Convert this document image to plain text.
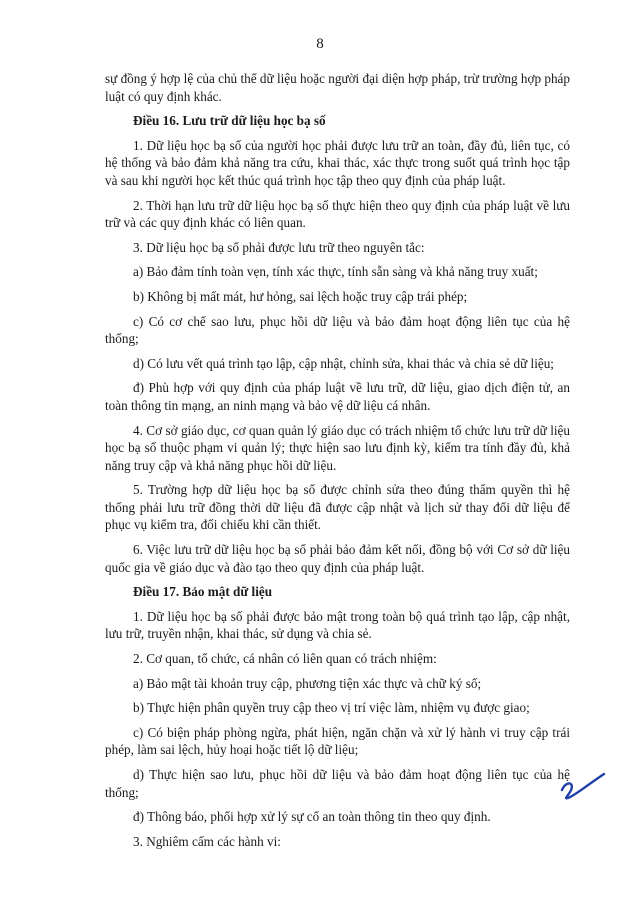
8

sự đồng ý hợp lệ của chủ thể dữ liệu hoặc người đại diện hợp pháp, trừ trường hợp pháp luật có quy định khác.

Điều 16. Lưu trữ dữ liệu học bạ số

1. Dữ liệu học bạ số của người học phải được lưu trữ an toàn, đầy đủ, liên tục, có hệ thống và bảo đảm khả năng tra cứu, khai thác, xác thực trong suốt quá trình học tập và sau khi người học kết thúc quá trình học tập theo quy định của pháp luật.

2. Thời hạn lưu trữ dữ liệu học bạ số thực hiện theo quy định của pháp luật về lưu trữ và các quy định khác có liên quan.

3. Dữ liệu học bạ số phải được lưu trữ theo nguyên tắc:

a) Bảo đảm tính toàn vẹn, tính xác thực, tính sẵn sàng và khả năng truy xuất;

b) Không bị mất mát, hư hỏng, sai lệch hoặc truy cập trái phép;

c) Có cơ chế sao lưu, phục hồi dữ liệu và bảo đảm hoạt động liên tục của hệ thống;

d) Có lưu vết quá trình tạo lập, cập nhật, chỉnh sửa, khai thác và chia sẻ dữ liệu;

đ) Phù hợp với quy định của pháp luật về lưu trữ, dữ liệu, giao dịch điện tử, an toàn thông tin mạng, an ninh mạng và bảo vệ dữ liệu cá nhân.

4. Cơ sở giáo dục, cơ quan quản lý giáo dục có trách nhiệm tổ chức lưu trữ dữ liệu học bạ số thuộc phạm vi quản lý; thực hiện sao lưu định kỳ, kiểm tra tính đầy đủ, khả năng truy cập và khả năng phục hồi dữ liệu.

5. Trường hợp dữ liệu học bạ số được chỉnh sửa theo đúng thẩm quyền thì hệ thống phải lưu trữ đồng thời dữ liệu đã được cập nhật và lịch sử thay đổi dữ liệu để phục vụ kiểm tra, đối chiếu khi cần thiết.

6. Việc lưu trữ dữ liệu học bạ số phải bảo đảm kết nối, đồng bộ với Cơ sở dữ liệu quốc gia về giáo dục và đào tạo theo quy định của pháp luật.

Điều 17. Bảo mật dữ liệu

1. Dữ liệu học bạ số phải được bảo mật trong toàn bộ quá trình tạo lập, cập nhật, lưu trữ, truyền nhận, khai thác, sử dụng và chia sẻ.

2. Cơ quan, tổ chức, cá nhân có liên quan có trách nhiệm:

a) Bảo mật tài khoản truy cập, phương tiện xác thực và chữ ký số;

b) Thực hiện phân quyền truy cập theo vị trí việc làm, nhiệm vụ được giao;

c) Có biện pháp phòng ngừa, phát hiện, ngăn chặn và xử lý hành vi truy cập trái phép, làm sai lệch, hủy hoại hoặc tiết lộ dữ liệu;

d) Thực hiện sao lưu, phục hồi dữ liệu và bảo đảm hoạt động liên tục của hệ thống;

đ) Thông báo, phối hợp xử lý sự cố an toàn thông tin theo quy định.

3. Nghiêm cấm các hành vi:
